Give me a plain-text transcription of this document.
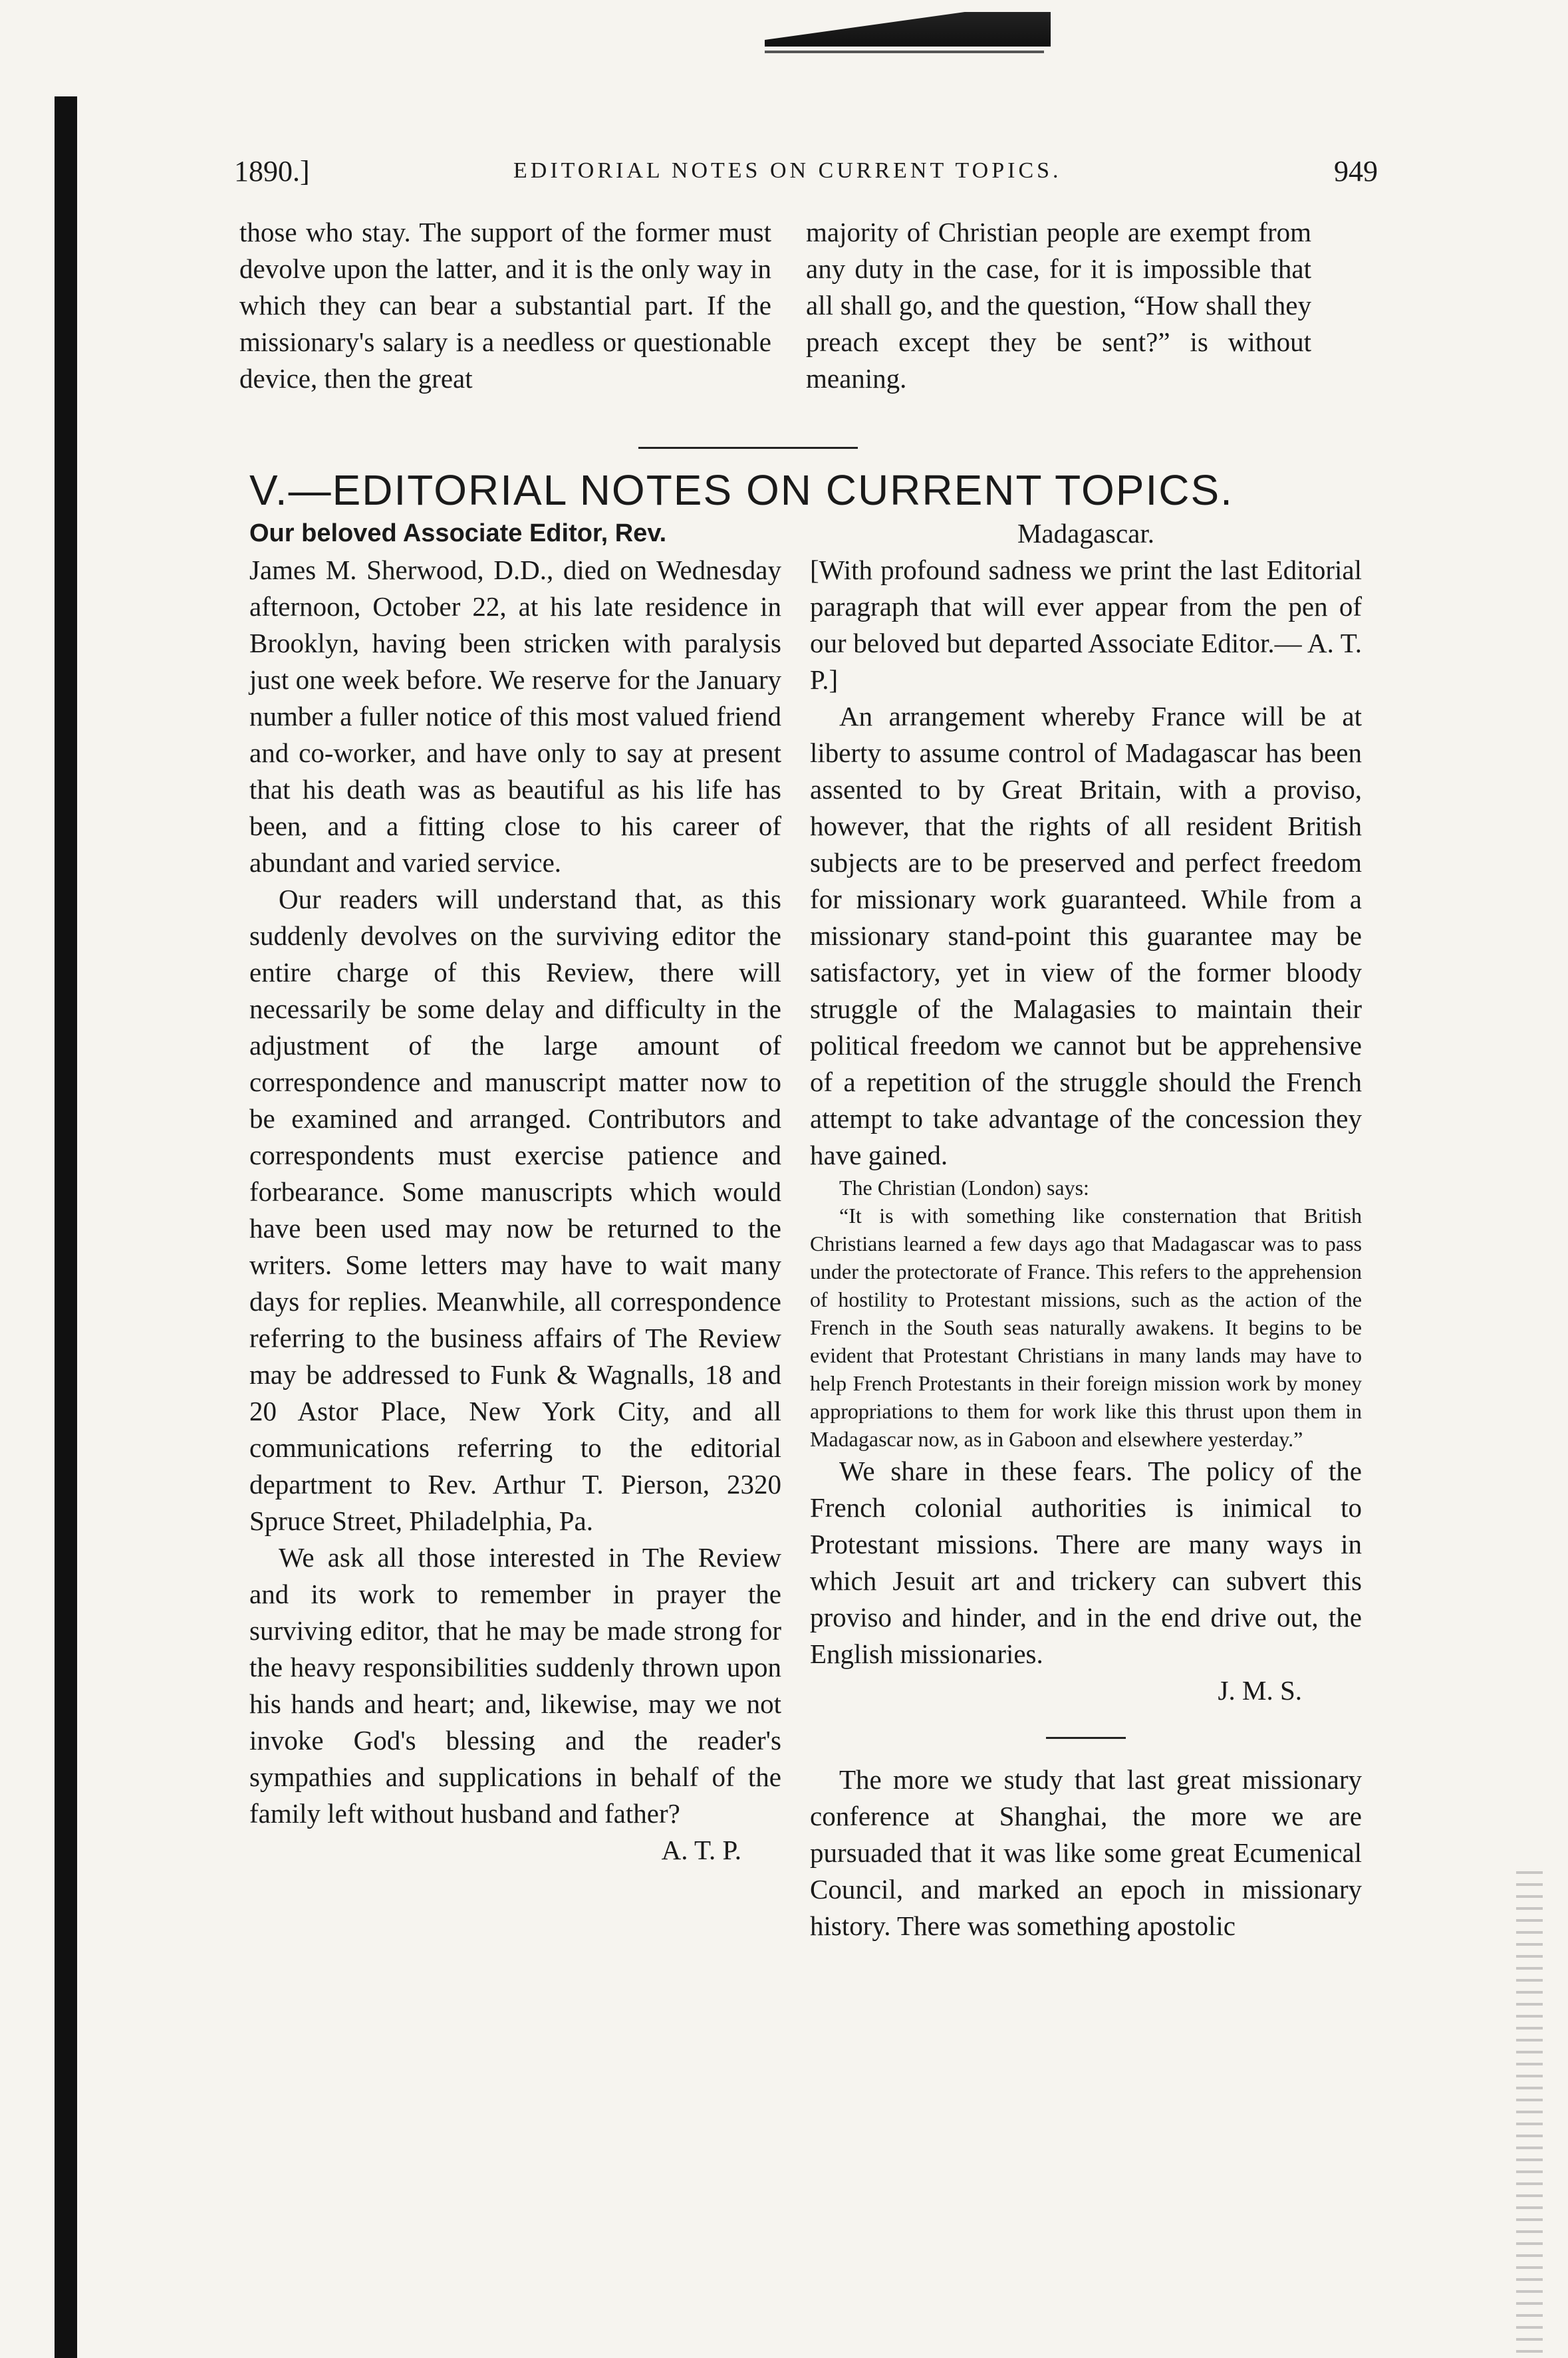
1890.]	EDITORIAL NOTES ON CURRENT TOPICS.	949

those who stay. The support of the former must devolve upon the latter, and it is the only way in which they can bear a substantial part. If the missionary's salary is a needless or questionable device, then the great

majority of Christian people are exempt from any duty in the case, for it is impossible that all shall go, and the question, “How shall they preach except they be sent?” is without meaning.

V.—EDITORIAL NOTES ON CURRENT TOPICS.

Our beloved Associate Editor, Rev.

James M. Sherwood, D.D., died on Wednesday afternoon, October 22, at his late residence in Brooklyn, having been stricken with paralysis just one week before. We reserve for the January number a fuller notice of this most valued friend and co-worker, and have only to say at present that his death was as beautiful as his life has been, and a fitting close to his career of abundant and varied service.

Our readers will understand that, as this suddenly devolves on the surviving editor the entire charge of this Review, there will necessarily be some delay and difficulty in the adjustment of the large amount of correspondence and manuscript matter now to be examined and arranged. Contributors and correspondents must exercise patience and forbearance. Some manuscripts which would have been used may now be returned to the writers. Some letters may have to wait many days for replies. Meanwhile, all correspondence referring to the business affairs of The Review may be addressed to Funk & Wagnalls, 18 and 20 Astor Place, New York City, and all communications referring to the editorial department to Rev. Arthur T. Pierson, 2320 Spruce Street, Philadelphia, Pa.

We ask all those interested in The Review and its work to remember in prayer the surviving editor, that he may be made strong for the heavy responsibilities suddenly thrown upon his hands and heart; and, likewise, may we not invoke God's blessing and the reader's sympathies and supplications in behalf of the family left without husband and father?

A. T. P.

Madagascar.

[With profound sadness we print the last Editorial paragraph that will ever appear from the pen of our beloved but departed Associate Editor.— A. T. P.]

An arrangement whereby France will be at liberty to assume control of Madagascar has been assented to by Great Britain, with a proviso, however, that the rights of all resident British subjects are to be preserved and perfect freedom for missionary work guaranteed. While from a missionary stand-point this guarantee may be satisfactory, yet in view of the former bloody struggle of the Malagasies to maintain their political freedom we cannot but be apprehensive of a repetition of the struggle should the French attempt to take advantage of the concession they have gained.

The Christian (London) says:

“It is with something like consternation that British Christians learned a few days ago that Madagascar was to pass under the protectorate of France. This refers to the apprehension of hostility to Protestant missions, such as the action of the French in the South seas naturally awakens. It begins to be evident that Protestant Christians in many lands may have to help French Protestants in their foreign mission work by money appropriations to them for work like this thrust upon them in Madagascar now, as in Gaboon and elsewhere yesterday.”

We share in these fears. The policy of the French colonial authorities is inimical to Protestant missions. There are many ways in which Jesuit art and trickery can subvert this proviso and hinder, and in the end drive out, the English missionaries.

J. M. S.

The more we study that last great missionary conference at Shanghai, the more we are pursuaded that it was like some great Ecumenical Council, and marked an epoch in missionary history. There was something apostolic
